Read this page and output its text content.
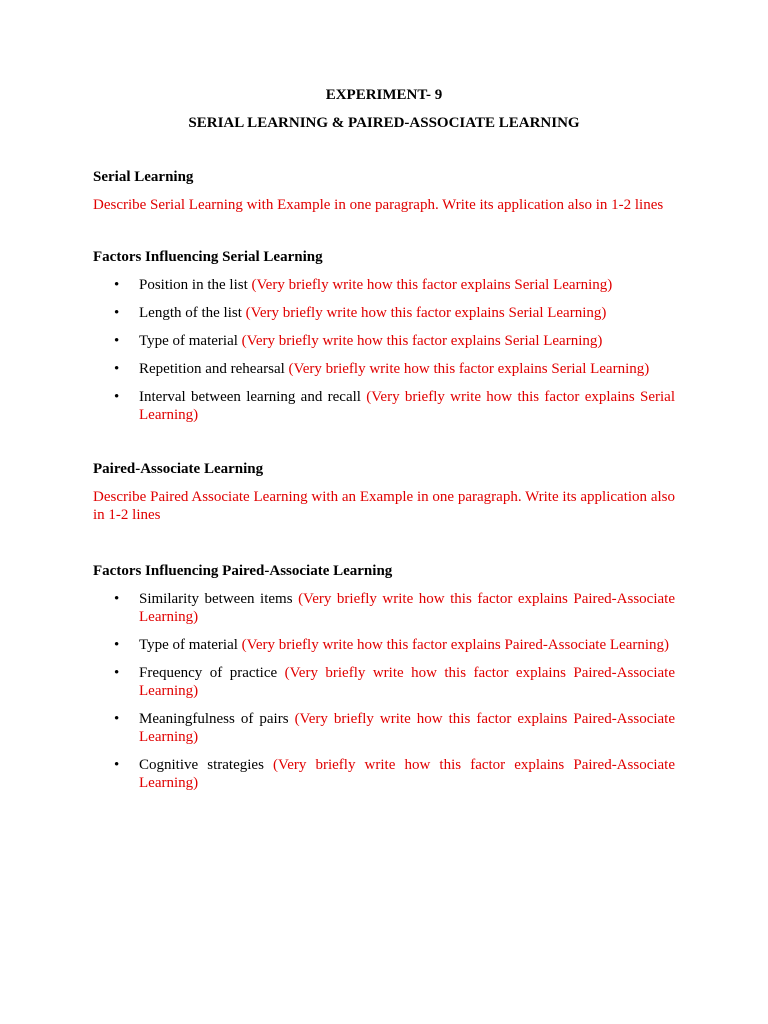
EXPERIMENT- 9

SERIAL LEARNING & PAIRED-ASSOCIATE LEARNING

Serial Learning

Describe Serial Learning with Example in one paragraph. Write its application also in 1-2 lines

Factors Influencing Serial Learning

• Position in the list (Very briefly write how this factor explains Serial Learning)
• Length of the list (Very briefly write how this factor explains Serial Learning)
• Type of material (Very briefly write how this factor explains Serial Learning)
• Repetition and rehearsal (Very briefly write how this factor explains Serial Learning)
• Interval between learning and recall (Very briefly write how this factor explains Serial Learning)

Paired-Associate Learning

Describe Paired Associate Learning with an Example in one paragraph. Write its application also in 1-2 lines

Factors Influencing Paired-Associate Learning

• Similarity between items (Very briefly write how this factor explains Paired-Associate Learning)
• Type of material (Very briefly write how this factor explains Paired-Associate Learning)
• Frequency of practice (Very briefly write how this factor explains Paired-Associate Learning)
• Meaningfulness of pairs (Very briefly write how this factor explains Paired-Associate Learning)
• Cognitive strategies (Very briefly write how this factor explains Paired-Associate Learning)
